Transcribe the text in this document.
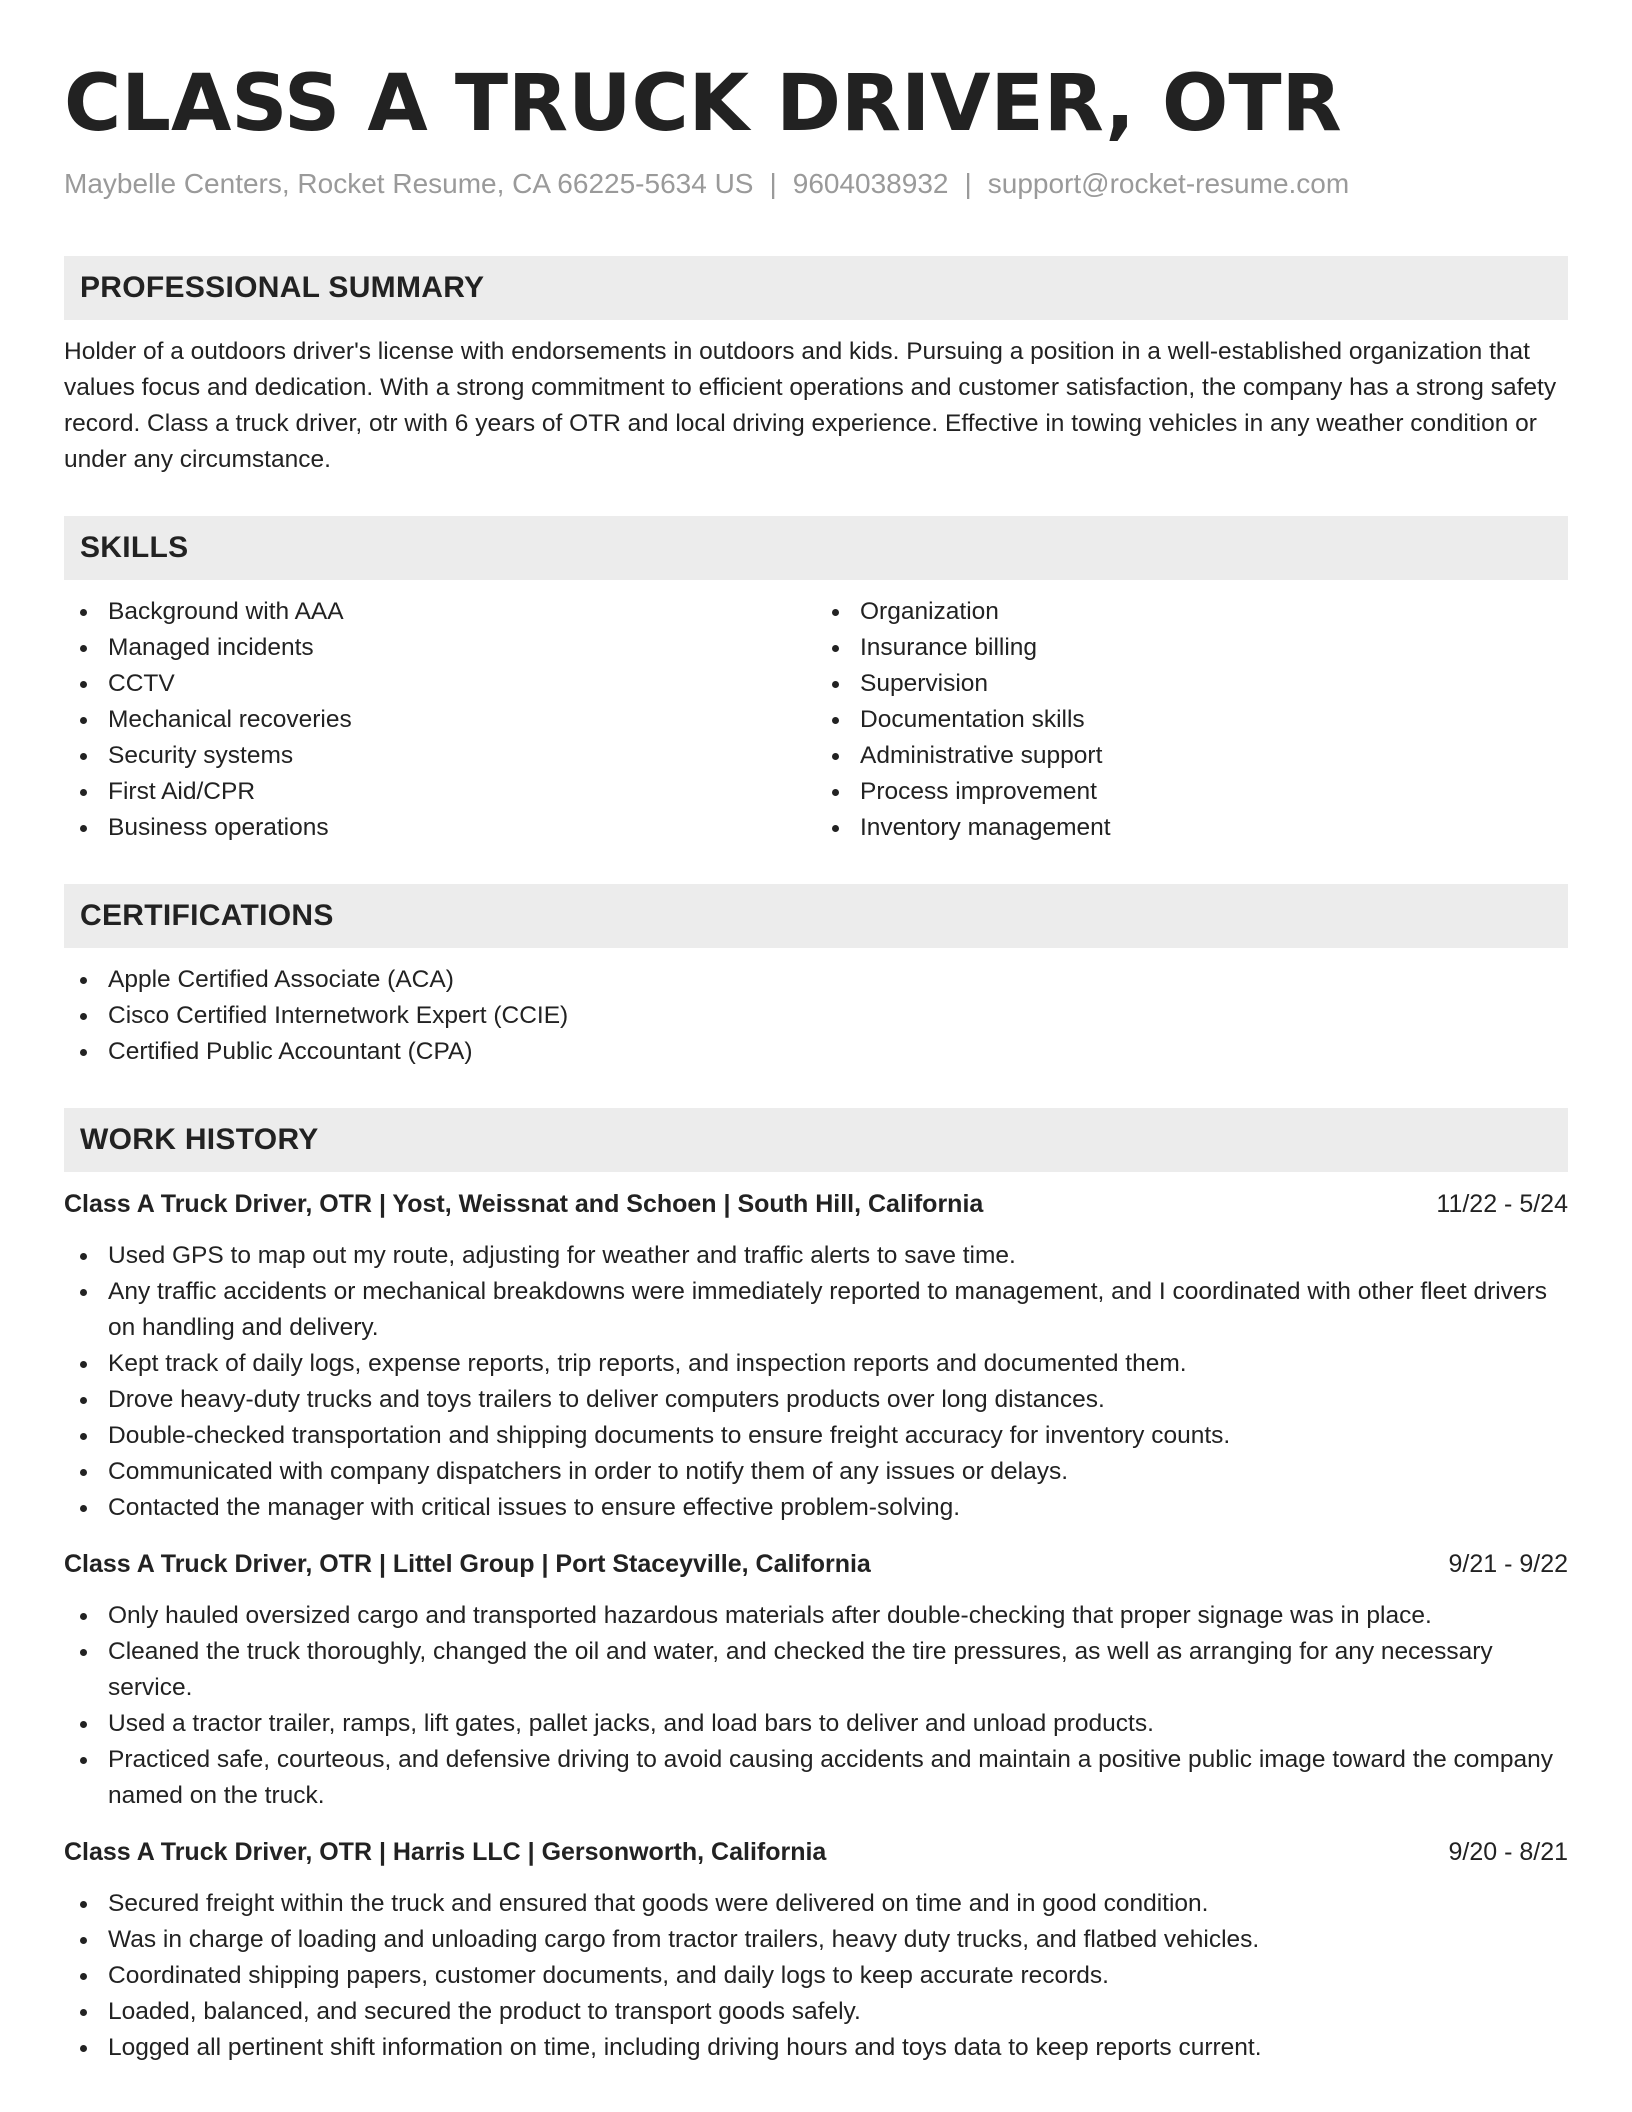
CLASS A TRUCK DRIVER, OTR
Maybelle Centers, Rocket Resume, CA 66225-5634 US | 9604038932 | support@rocket-resume.com
PROFESSIONAL SUMMARY
Holder of a outdoors driver's license with endorsements in outdoors and kids. Pursuing a position in a well-established organization that values focus and dedication. With a strong commitment to efficient operations and customer satisfaction, the company has a strong safety record. Class a truck driver, otr with 6 years of OTR and local driving experience. Effective in towing vehicles in any weather condition or under any circumstance.
SKILLS
Background with AAA
Managed incidents
CCTV
Mechanical recoveries
Security systems
First Aid/CPR
Business operations
Organization
Insurance billing
Supervision
Documentation skills
Administrative support
Process improvement
Inventory management
CERTIFICATIONS
Apple Certified Associate (ACA)
Cisco Certified Internetwork Expert (CCIE)
Certified Public Accountant (CPA)
WORK HISTORY
Class A Truck Driver, OTR | Yost, Weissnat and Schoen | South Hill, California	11/22 - 5/24
Used GPS to map out my route, adjusting for weather and traffic alerts to save time.
Any traffic accidents or mechanical breakdowns were immediately reported to management, and I coordinated with other fleet drivers on handling and delivery.
Kept track of daily logs, expense reports, trip reports, and inspection reports and documented them.
Drove heavy-duty trucks and toys trailers to deliver computers products over long distances.
Double-checked transportation and shipping documents to ensure freight accuracy for inventory counts.
Communicated with company dispatchers in order to notify them of any issues or delays.
Contacted the manager with critical issues to ensure effective problem-solving.
Class A Truck Driver, OTR | Littel Group | Port Staceyville, California	9/21 - 9/22
Only hauled oversized cargo and transported hazardous materials after double-checking that proper signage was in place.
Cleaned the truck thoroughly, changed the oil and water, and checked the tire pressures, as well as arranging for any necessary service.
Used a tractor trailer, ramps, lift gates, pallet jacks, and load bars to deliver and unload products.
Practiced safe, courteous, and defensive driving to avoid causing accidents and maintain a positive public image toward the company named on the truck.
Class A Truck Driver, OTR | Harris LLC | Gersonworth, California	9/20 - 8/21
Secured freight within the truck and ensured that goods were delivered on time and in good condition.
Was in charge of loading and unloading cargo from tractor trailers, heavy duty trucks, and flatbed vehicles.
Coordinated shipping papers, customer documents, and daily logs to keep accurate records.
Loaded, balanced, and secured the product to transport goods safely.
Logged all pertinent shift information on time, including driving hours and toys data to keep reports current.
